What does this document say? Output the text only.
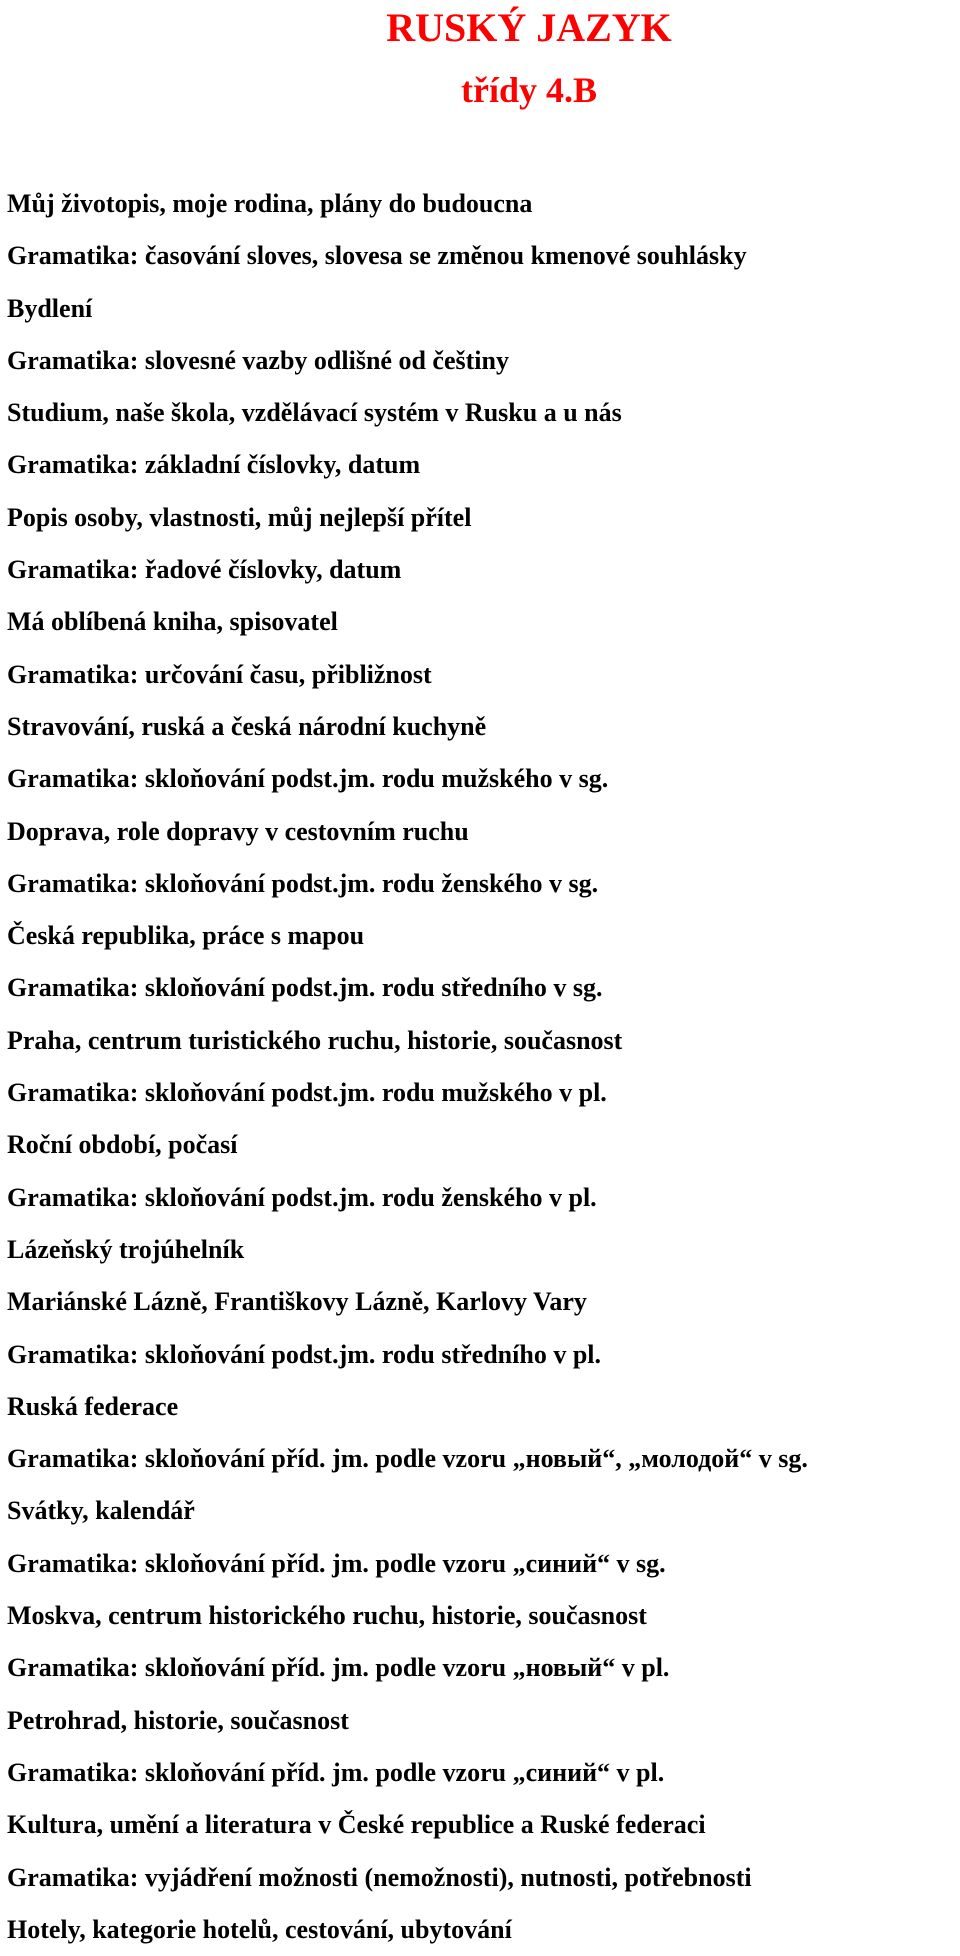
RUSKÝ JAZYK
třídy 4.B
Můj životopis, moje rodina, plány do budoucna
Gramatika: časování sloves, slovesa se změnou kmenové souhlásky
Bydlení
Gramatika: slovesné vazby odlišné od češtiny
Studium, naše škola, vzdělávací systém v Rusku a u nás
Gramatika: základní číslovky, datum
Popis osoby, vlastnosti, můj nejlepší přítel
Gramatika: řadové číslovky, datum
Má oblíbená kniha, spisovatel
Gramatika: určování času, přibližnost
Stravování, ruská a česká národní kuchyně
Gramatika: skloňování podst.jm. rodu mužského v sg.
Doprava, role dopravy v cestovním ruchu
Gramatika: skloňování podst.jm. rodu ženského v sg.
Česká republika, práce s mapou
Gramatika: skloňování podst.jm. rodu středního v sg.
Praha, centrum turistického ruchu, historie, současnost
Gramatika: skloňování podst.jm. rodu mužského v pl.
Roční období, počasí
Gramatika: skloňování podst.jm. rodu ženského v pl.
Lázeňský trojúhelník
Mariánské Lázně, Františkovy Lázně, Karlovy Vary
Gramatika: skloňování podst.jm. rodu středního v pl.
Ruská federace
Gramatika: skloňování příd. jm. podle vzoru „новый“, „молодой“ v sg.
Svátky, kalendář
Gramatika: skloňování příd. jm. podle vzoru „синий“ v sg.
Moskva, centrum historického ruchu, historie, současnost
Gramatika: skloňování příd. jm. podle vzoru „новый“ v pl.
Petrohrad, historie, současnost
Gramatika: skloňování příd. jm. podle vzoru „синий“ v pl.
Kultura, umění a literatura v České republice a Ruské federaci
Gramatika: vyjádření možnosti (nemožnosti), nutnosti, potřebnosti
Hotely, kategorie hotelů, cestování, ubytování
